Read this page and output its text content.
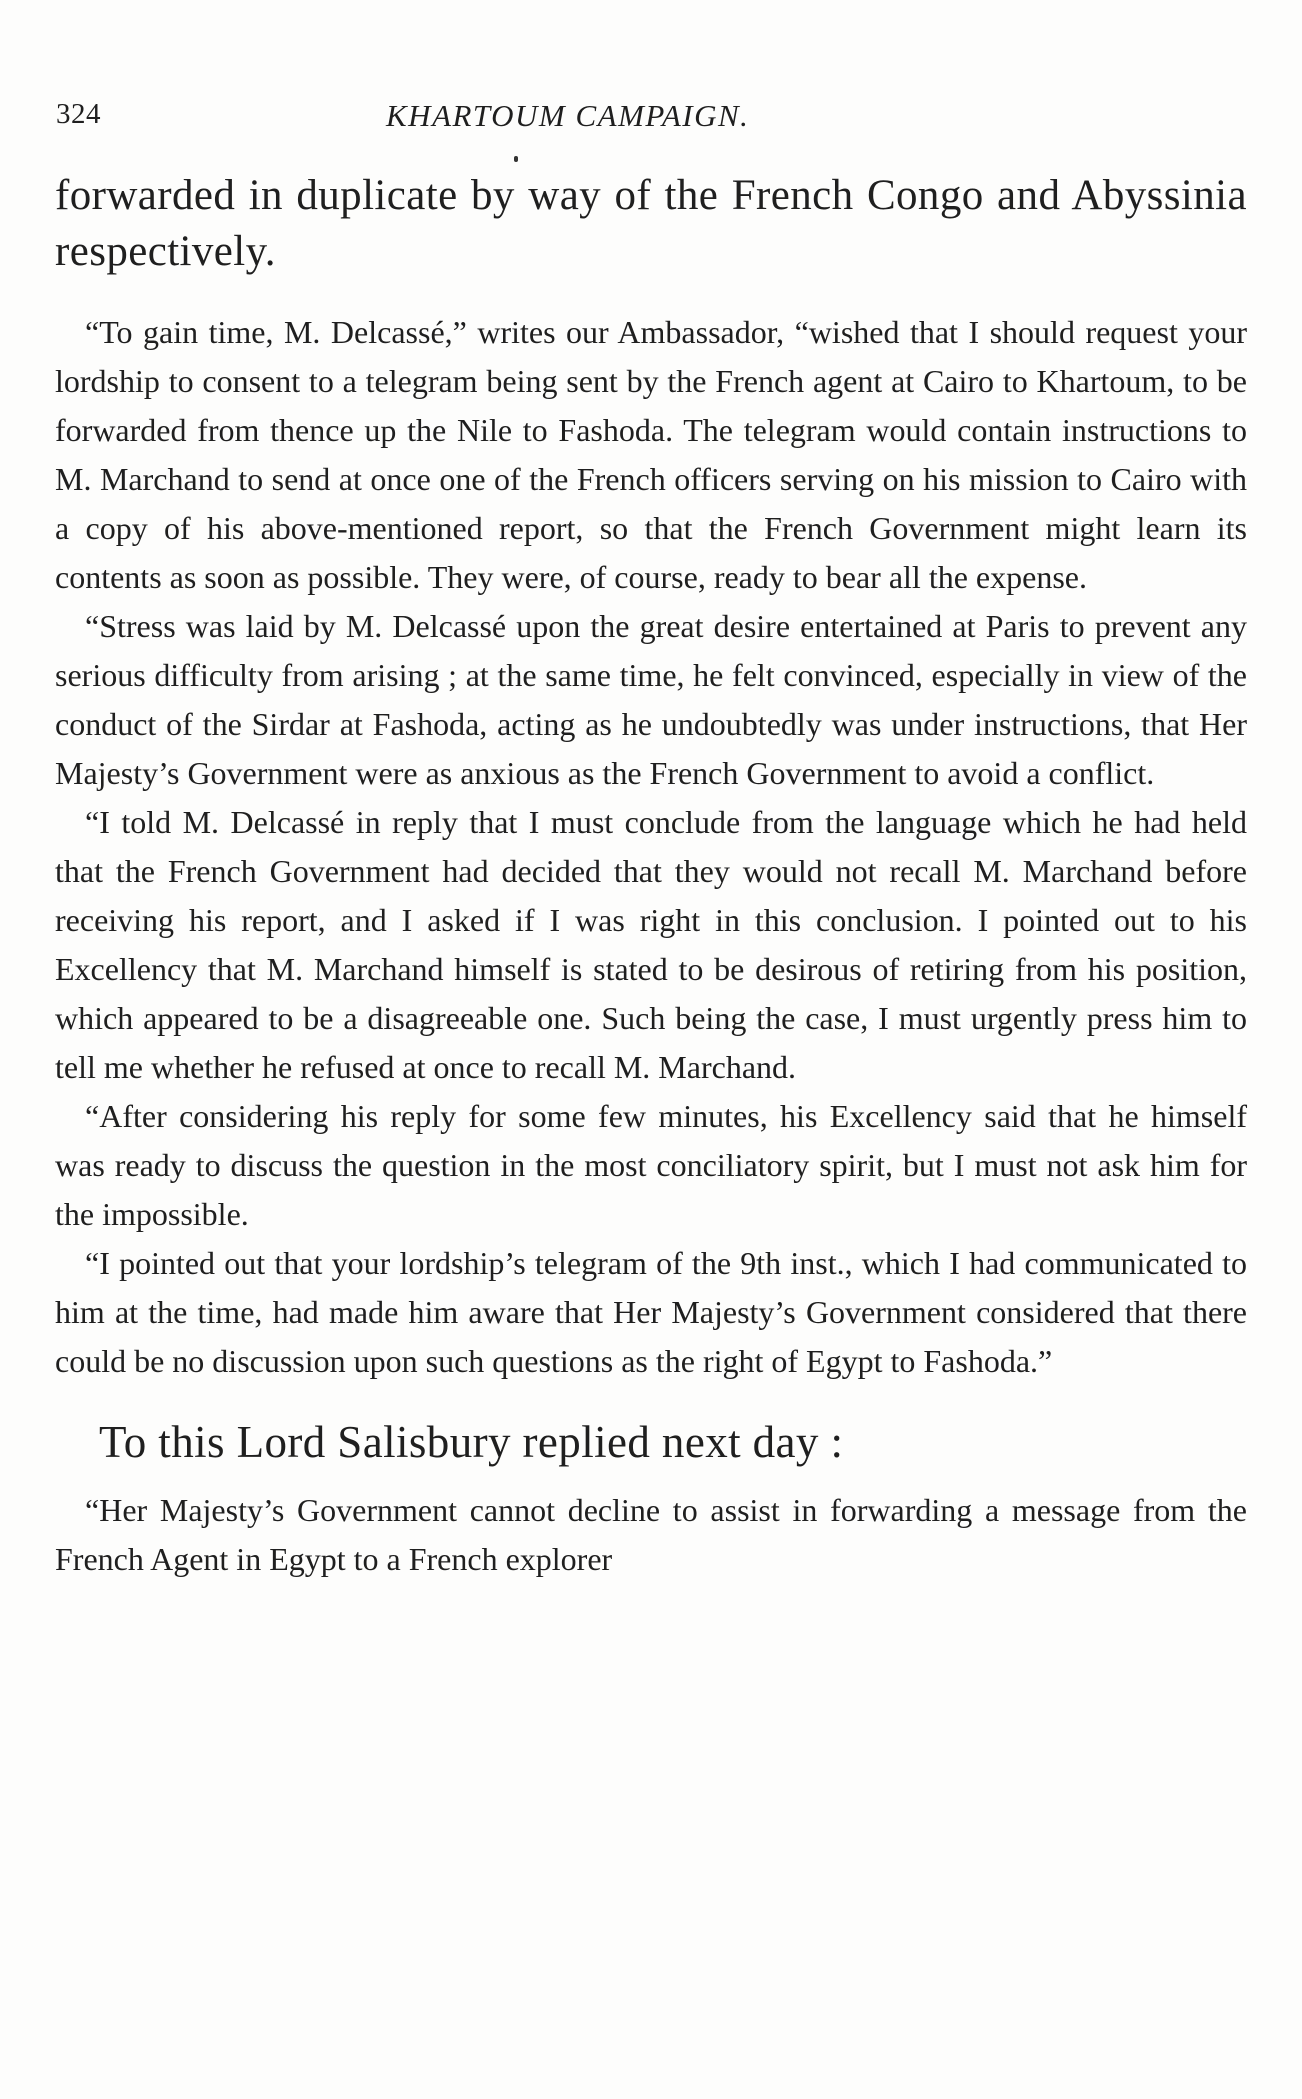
324	KHARTOUM CAMPAIGN.

forwarded in duplicate by way of the French Congo and Abyssinia respectively.

“To gain time, M. Delcassé,” writes our Ambassador, “wished that I should request your lordship to consent to a telegram being sent by the French agent at Cairo to Khartoum, to be forwarded from thence up the Nile to Fashoda. The telegram would contain instructions to M. Marchand to send at once one of the French officers serving on his mission to Cairo with a copy of his above-mentioned report, so that the French Government might learn its contents as soon as possible. They were, of course, ready to bear all the expense.

“Stress was laid by M. Delcassé upon the great desire entertained at Paris to prevent any serious difficulty from arising ; at the same time, he felt convinced, especially in view of the conduct of the Sirdar at Fashoda, acting as he undoubtedly was under instructions, that Her Majesty’s Government were as anxious as the French Government to avoid a conflict.

“I told M. Delcassé in reply that I must conclude from the language which he had held that the French Government had decided that they would not recall M. Marchand before receiving his report, and I asked if I was right in this conclusion. I pointed out to his Excellency that M. Marchand himself is stated to be desirous of retiring from his position, which appeared to be a disagreeable one. Such being the case, I must urgently press him to tell me whether he refused at once to recall M. Marchand.

“After considering his reply for some few minutes, his Excellency said that he himself was ready to discuss the question in the most conciliatory spirit, but I must not ask him for the impossible.

“I pointed out that your lordship’s telegram of the 9th inst., which I had communicated to him at the time, had made him aware that Her Majesty’s Government considered that there could be no discussion upon such questions as the right of Egypt to Fashoda.”

To this Lord Salisbury replied next day :

“Her Majesty’s Government cannot decline to assist in forwarding a message from the French Agent in Egypt to a French explorer
